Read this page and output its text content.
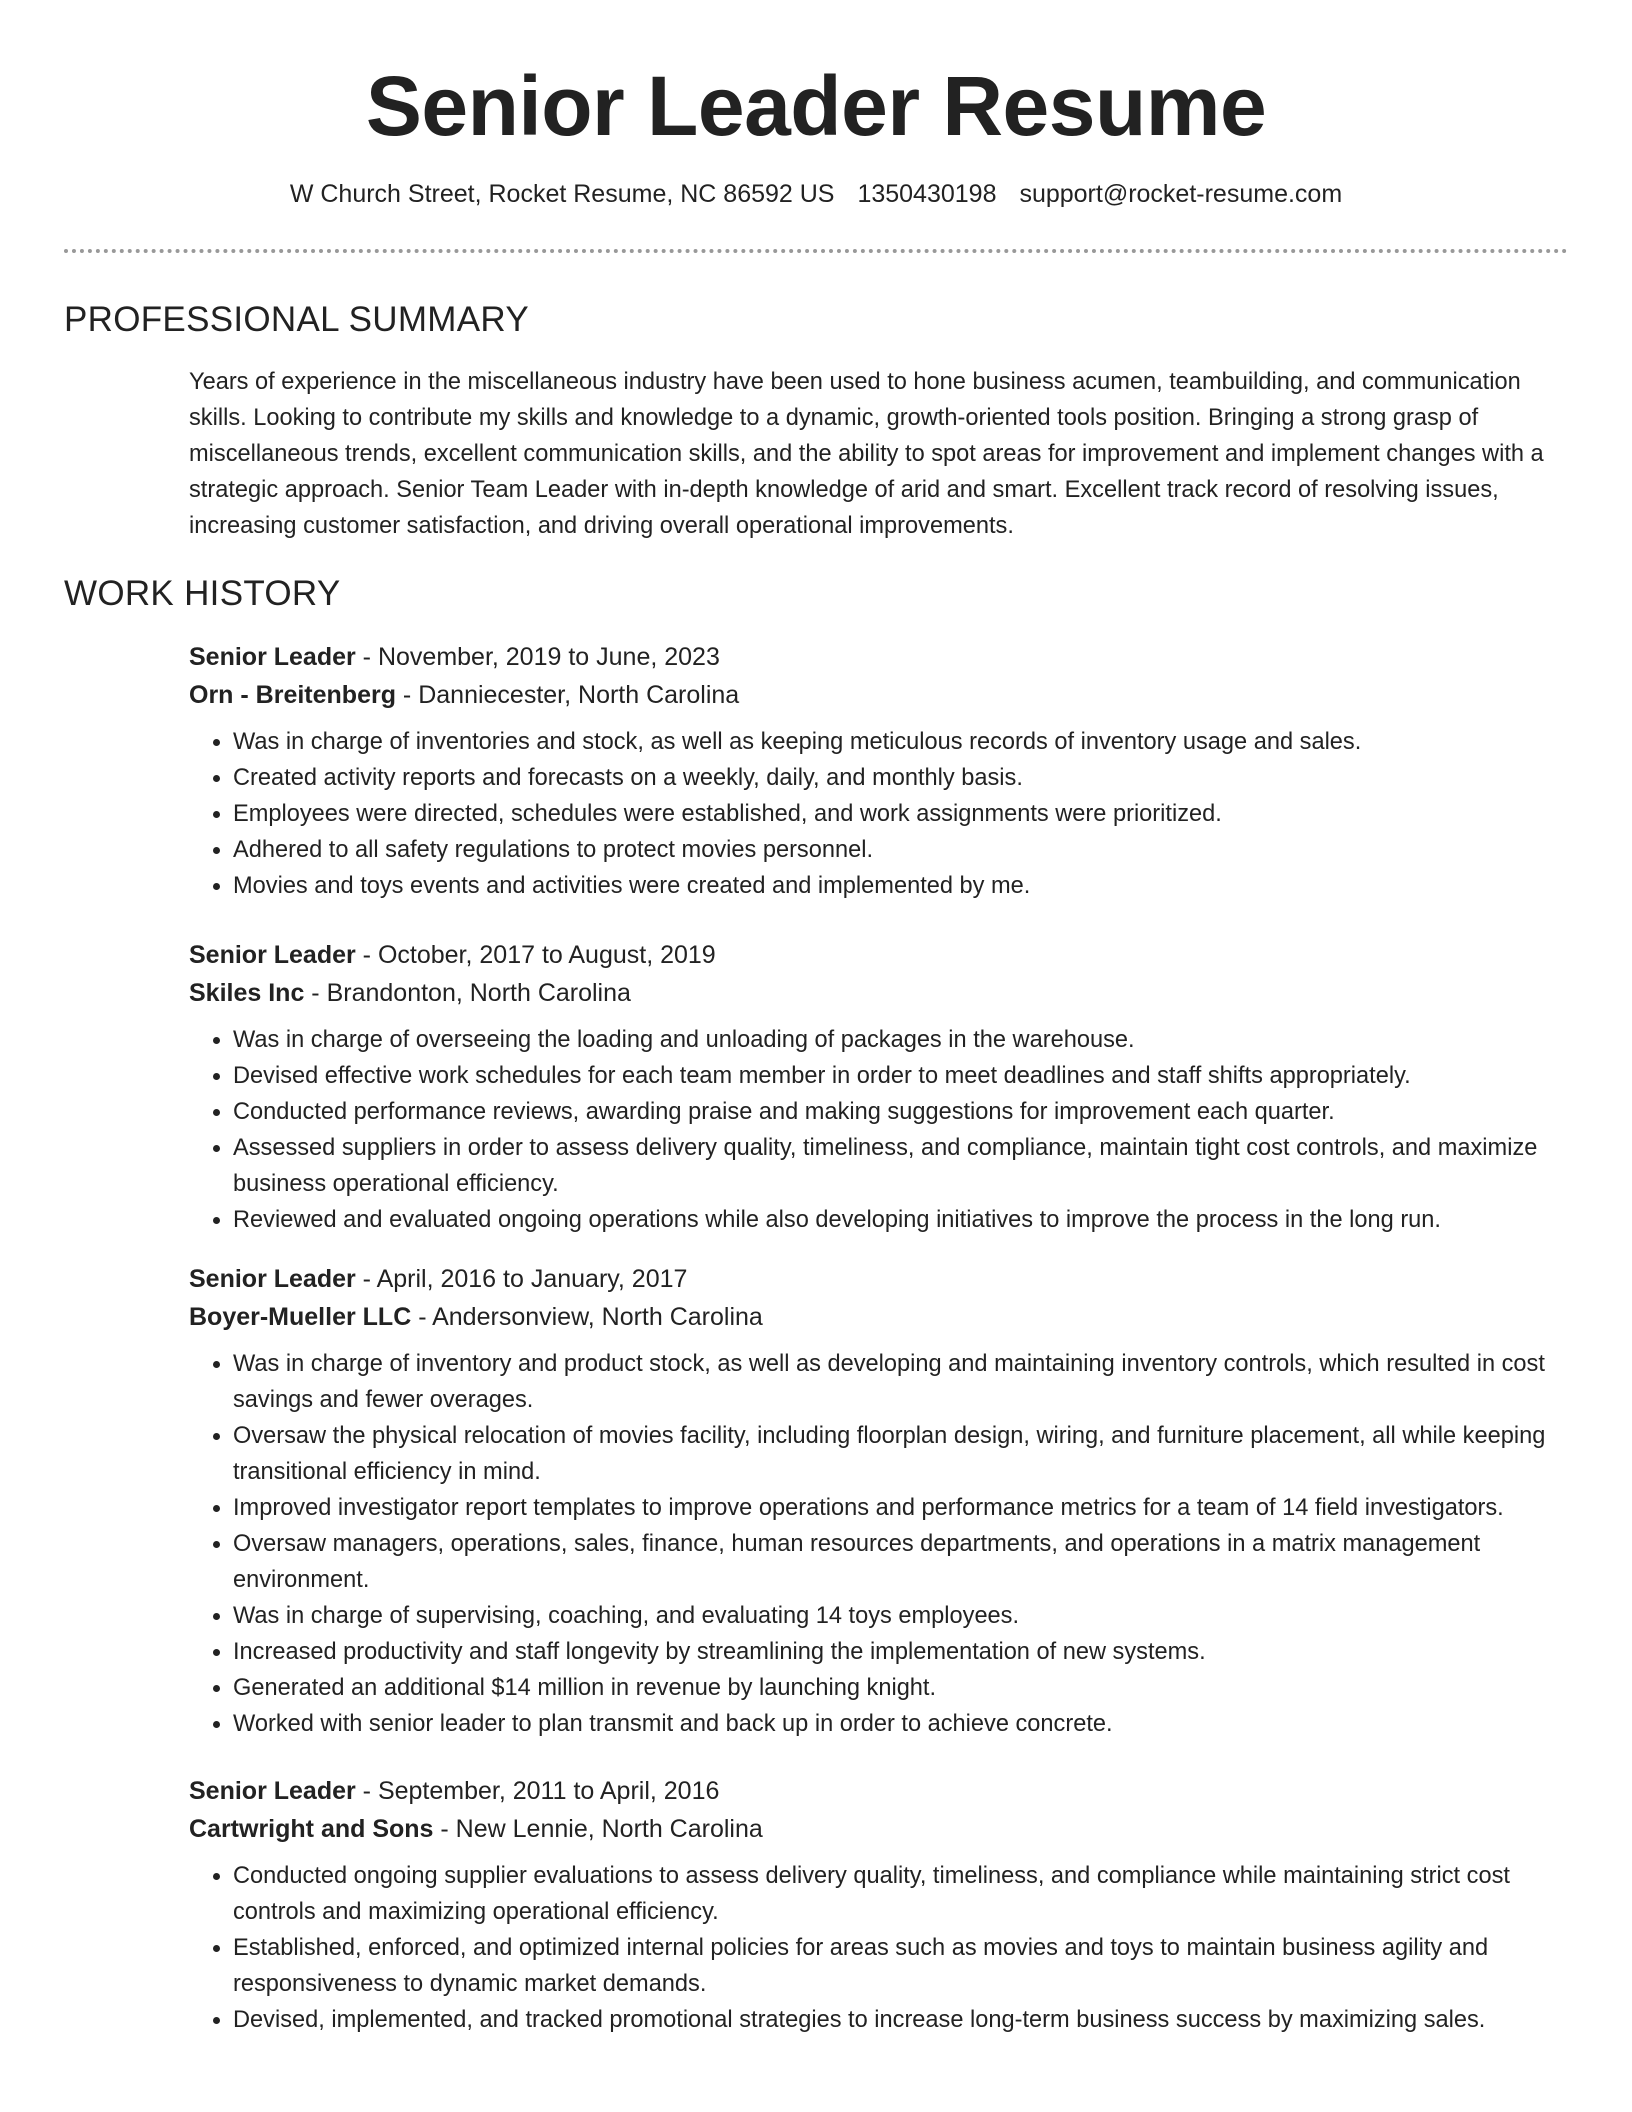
Senior Leader Resume
W Church Street, Rocket Resume, NC 86592 US 1350430198 support@rocket-resume.com
PROFESSIONAL SUMMARY

Years of experience in the miscellaneous industry have been used to hone business acumen, teambuilding, and communication skills. Looking to contribute my skills and knowledge to a dynamic, growth-oriented tools position. Bringing a strong grasp of miscellaneous trends, excellent communication skills, and the ability to spot areas for improvement and implement changes with a strategic approach. Senior Team Leader with in-depth knowledge of arid and smart. Excellent track record of resolving issues, increasing customer satisfaction, and driving overall operational improvements.

WORK HISTORY

Senior Leader - November, 2019 to June, 2023

Orn - Breitenberg - Danniecester, North Carolina

• Was in charge of inventories and stock, as well as keeping meticulous records of inventory usage and sales.
• Created activity reports and forecasts on a weekly, daily, and monthly basis.
• Employees were directed, schedules were established, and work assignments were prioritized.
• Adhered to all safety regulations to protect movies personnel.
• Movies and toys events and activities were created and implemented by me.

Senior Leader - October, 2017 to August, 2019

Skiles Inc - Brandonton, North Carolina

• Was in charge of overseeing the loading and unloading of packages in the warehouse.
• Devised effective work schedules for each team member in order to meet deadlines and staff shifts appropriately.
• Conducted performance reviews, awarding praise and making suggestions for improvement each quarter.
• Assessed suppliers in order to assess delivery quality, timeliness, and compliance, maintain tight cost controls, and maximize business operational efficiency.
• Reviewed and evaluated ongoing operations while also developing initiatives to improve the process in the long run.

Senior Leader - April, 2016 to January, 2017

Boyer-Mueller LLC - Andersonview, North Carolina

• Was in charge of inventory and product stock, as well as developing and maintaining inventory controls, which resulted in cost savings and fewer overages.
• Oversaw the physical relocation of movies facility, including floorplan design, wiring, and furniture placement, all while keeping transitional efficiency in mind.
• Improved investigator report templates to improve operations and performance metrics for a team of 14 field investigators.
• Oversaw managers, operations, sales, finance, human resources departments, and operations in a matrix management environment.
• Was in charge of supervising, coaching, and evaluating 14 toys employees.
• Increased productivity and staff longevity by streamlining the implementation of new systems.
• Generated an additional $14 million in revenue by launching knight.
• Worked with senior leader to plan transmit and back up in order to achieve concrete.

Senior Leader - September, 2011 to April, 2016

Cartwright and Sons - New Lennie, North Carolina

• Conducted ongoing supplier evaluations to assess delivery quality, timeliness, and compliance while maintaining strict cost controls and maximizing operational efficiency.
• Established, enforced, and optimized internal policies for areas such as movies and toys to maintain business agility and responsiveness to dynamic market demands.
• Devised, implemented, and tracked promotional strategies to increase long-term business success by maximizing sales.
